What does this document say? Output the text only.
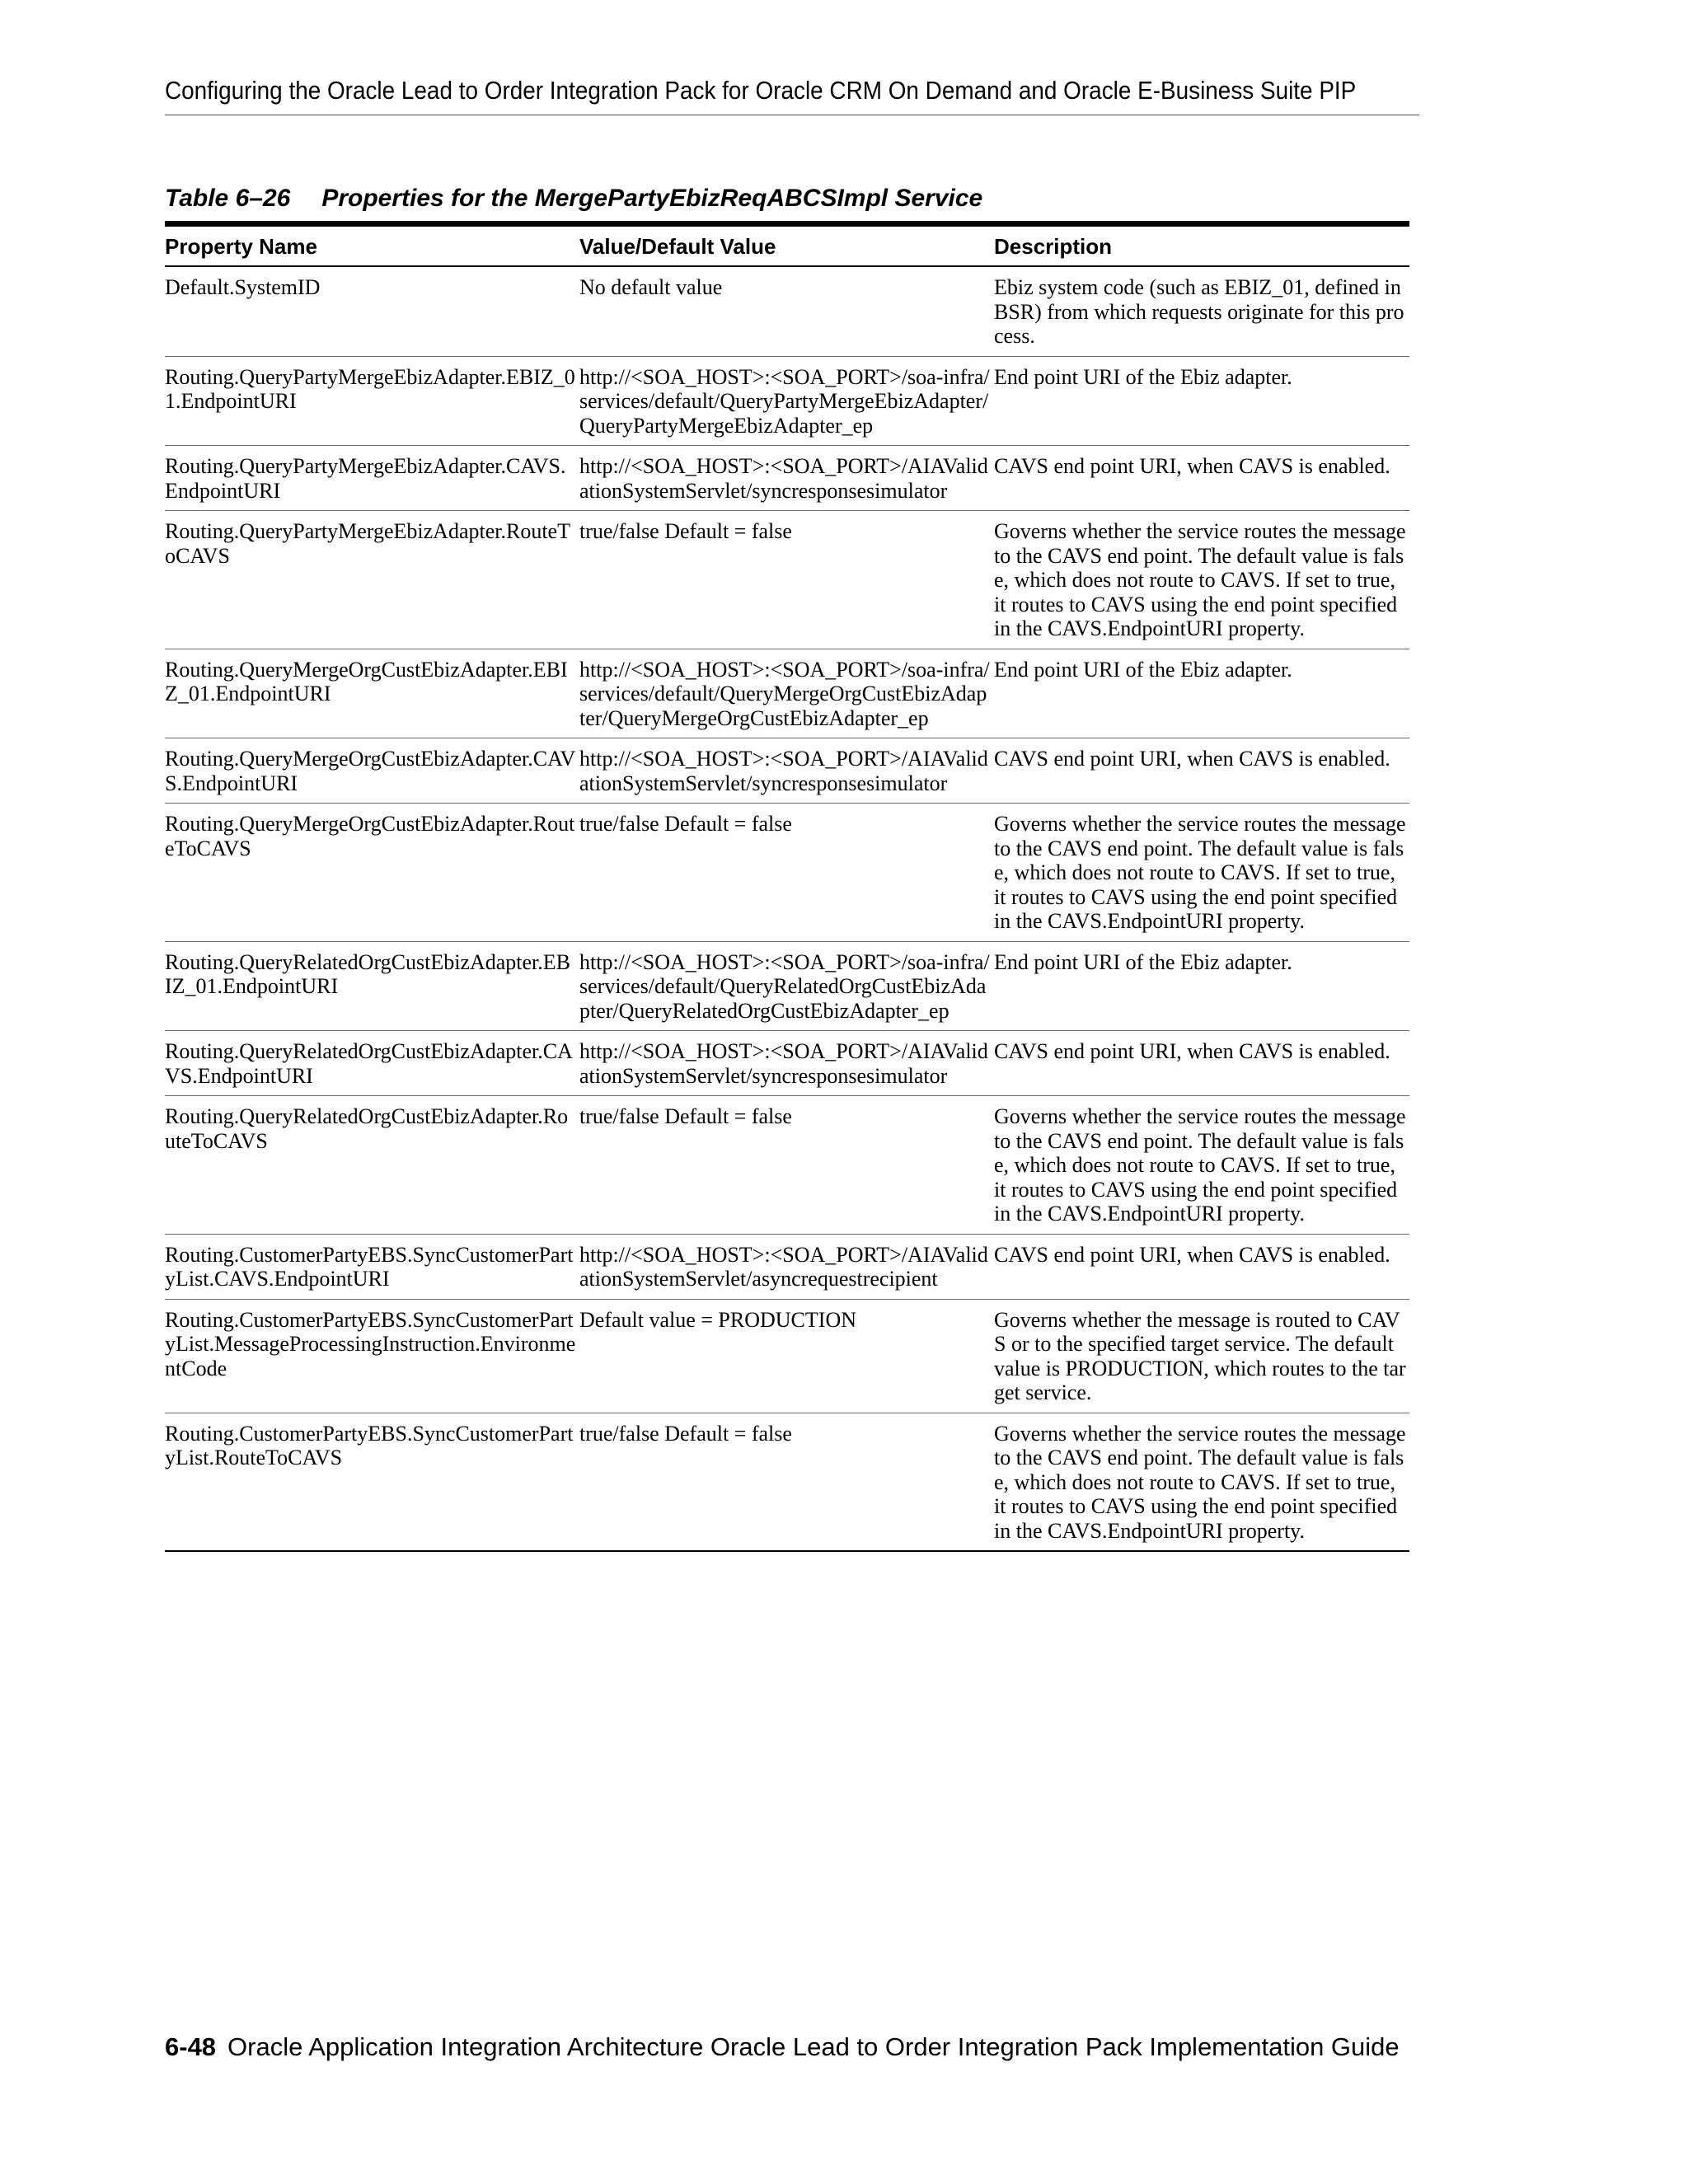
Configuring the Oracle Lead to Order Integration Pack for Oracle CRM On Demand and Oracle E-Business Suite PIP
Table 6–26 Properties for the MergePartyEbizReqABCSImpl Service
Property Name	Value/Default Value	Description
Default.SystemID	No default value	Ebiz system code (such as EBIZ_01, defined in BSR) from which requests originate for this process.
Routing.QueryPartyMergeEbizAdapter.EBIZ_01.EndpointURI	http://<SOA_HOST>:<SOA_PORT>/soa-infra/services/default/QueryPartyMergeEbizAdapter/QueryPartyMergeEbizAdapter_ep	End point URI of the Ebiz adapter.
Routing.QueryPartyMergeEbizAdapter.CAVS.EndpointURI	http://<SOA_HOST>:<SOA_PORT>/AIAValidationSystemServlet/syncresponsesimulator	CAVS end point URI, when CAVS is enabled.
Routing.QueryPartyMergeEbizAdapter.RouteToCAVS	true/false Default = false	Governs whether the service routes the message to the CAVS end point. The default value is false, which does not route to CAVS. If set to true, it routes to CAVS using the end point specified in the CAVS.EndpointURI property.
Routing.QueryMergeOrgCustEbizAdapter.EBIZ_01.EndpointURI	http://<SOA_HOST>:<SOA_PORT>/soa-infra/services/default/QueryMergeOrgCustEbizAdapter/QueryMergeOrgCustEbizAdapter_ep	End point URI of the Ebiz adapter.
Routing.QueryMergeOrgCustEbizAdapter.CAVS.EndpointURI	http://<SOA_HOST>:<SOA_PORT>/AIAValidationSystemServlet/syncresponsesimulator	CAVS end point URI, when CAVS is enabled.
Routing.QueryMergeOrgCustEbizAdapter.RouteToCAVS	true/false Default = false	Governs whether the service routes the message to the CAVS end point. The default value is false, which does not route to CAVS. If set to true, it routes to CAVS using the end point specified in the CAVS.EndpointURI property.
Routing.QueryRelatedOrgCustEbizAdapter.EBIZ_01.EndpointURI	http://<SOA_HOST>:<SOA_PORT>/soa-infra/services/default/QueryRelatedOrgCustEbizAdapter/QueryRelatedOrgCustEbizAdapter_ep	End point URI of the Ebiz adapter.
Routing.QueryRelatedOrgCustEbizAdapter.CAVS.EndpointURI	http://<SOA_HOST>:<SOA_PORT>/AIAValidationSystemServlet/syncresponsesimulator	CAVS end point URI, when CAVS is enabled.
Routing.QueryRelatedOrgCustEbizAdapter.RouteToCAVS	true/false Default = false	Governs whether the service routes the message to the CAVS end point. The default value is false, which does not route to CAVS. If set to true, it routes to CAVS using the end point specified in the CAVS.EndpointURI property.
Routing.CustomerPartyEBS.SyncCustomerPartyList.CAVS.EndpointURI	http://<SOA_HOST>:<SOA_PORT>/AIAValidationSystemServlet/asyncrequestrecipient	CAVS end point URI, when CAVS is enabled.
Routing.CustomerPartyEBS.SyncCustomerPartyList.MessageProcessingInstruction.EnvironmentCode	Default value = PRODUCTION	Governs whether the message is routed to CAVS or to the specified target service. The default value is PRODUCTION, which routes to the target service.
Routing.CustomerPartyEBS.SyncCustomerPartyList.RouteToCAVS	true/false Default = false	Governs whether the service routes the message to the CAVS end point. The default value is false, which does not route to CAVS. If set to true, it routes to CAVS using the end point specified in the CAVS.EndpointURI property.
6-48 Oracle Application Integration Architecture Oracle Lead to Order Integration Pack Implementation Guide
